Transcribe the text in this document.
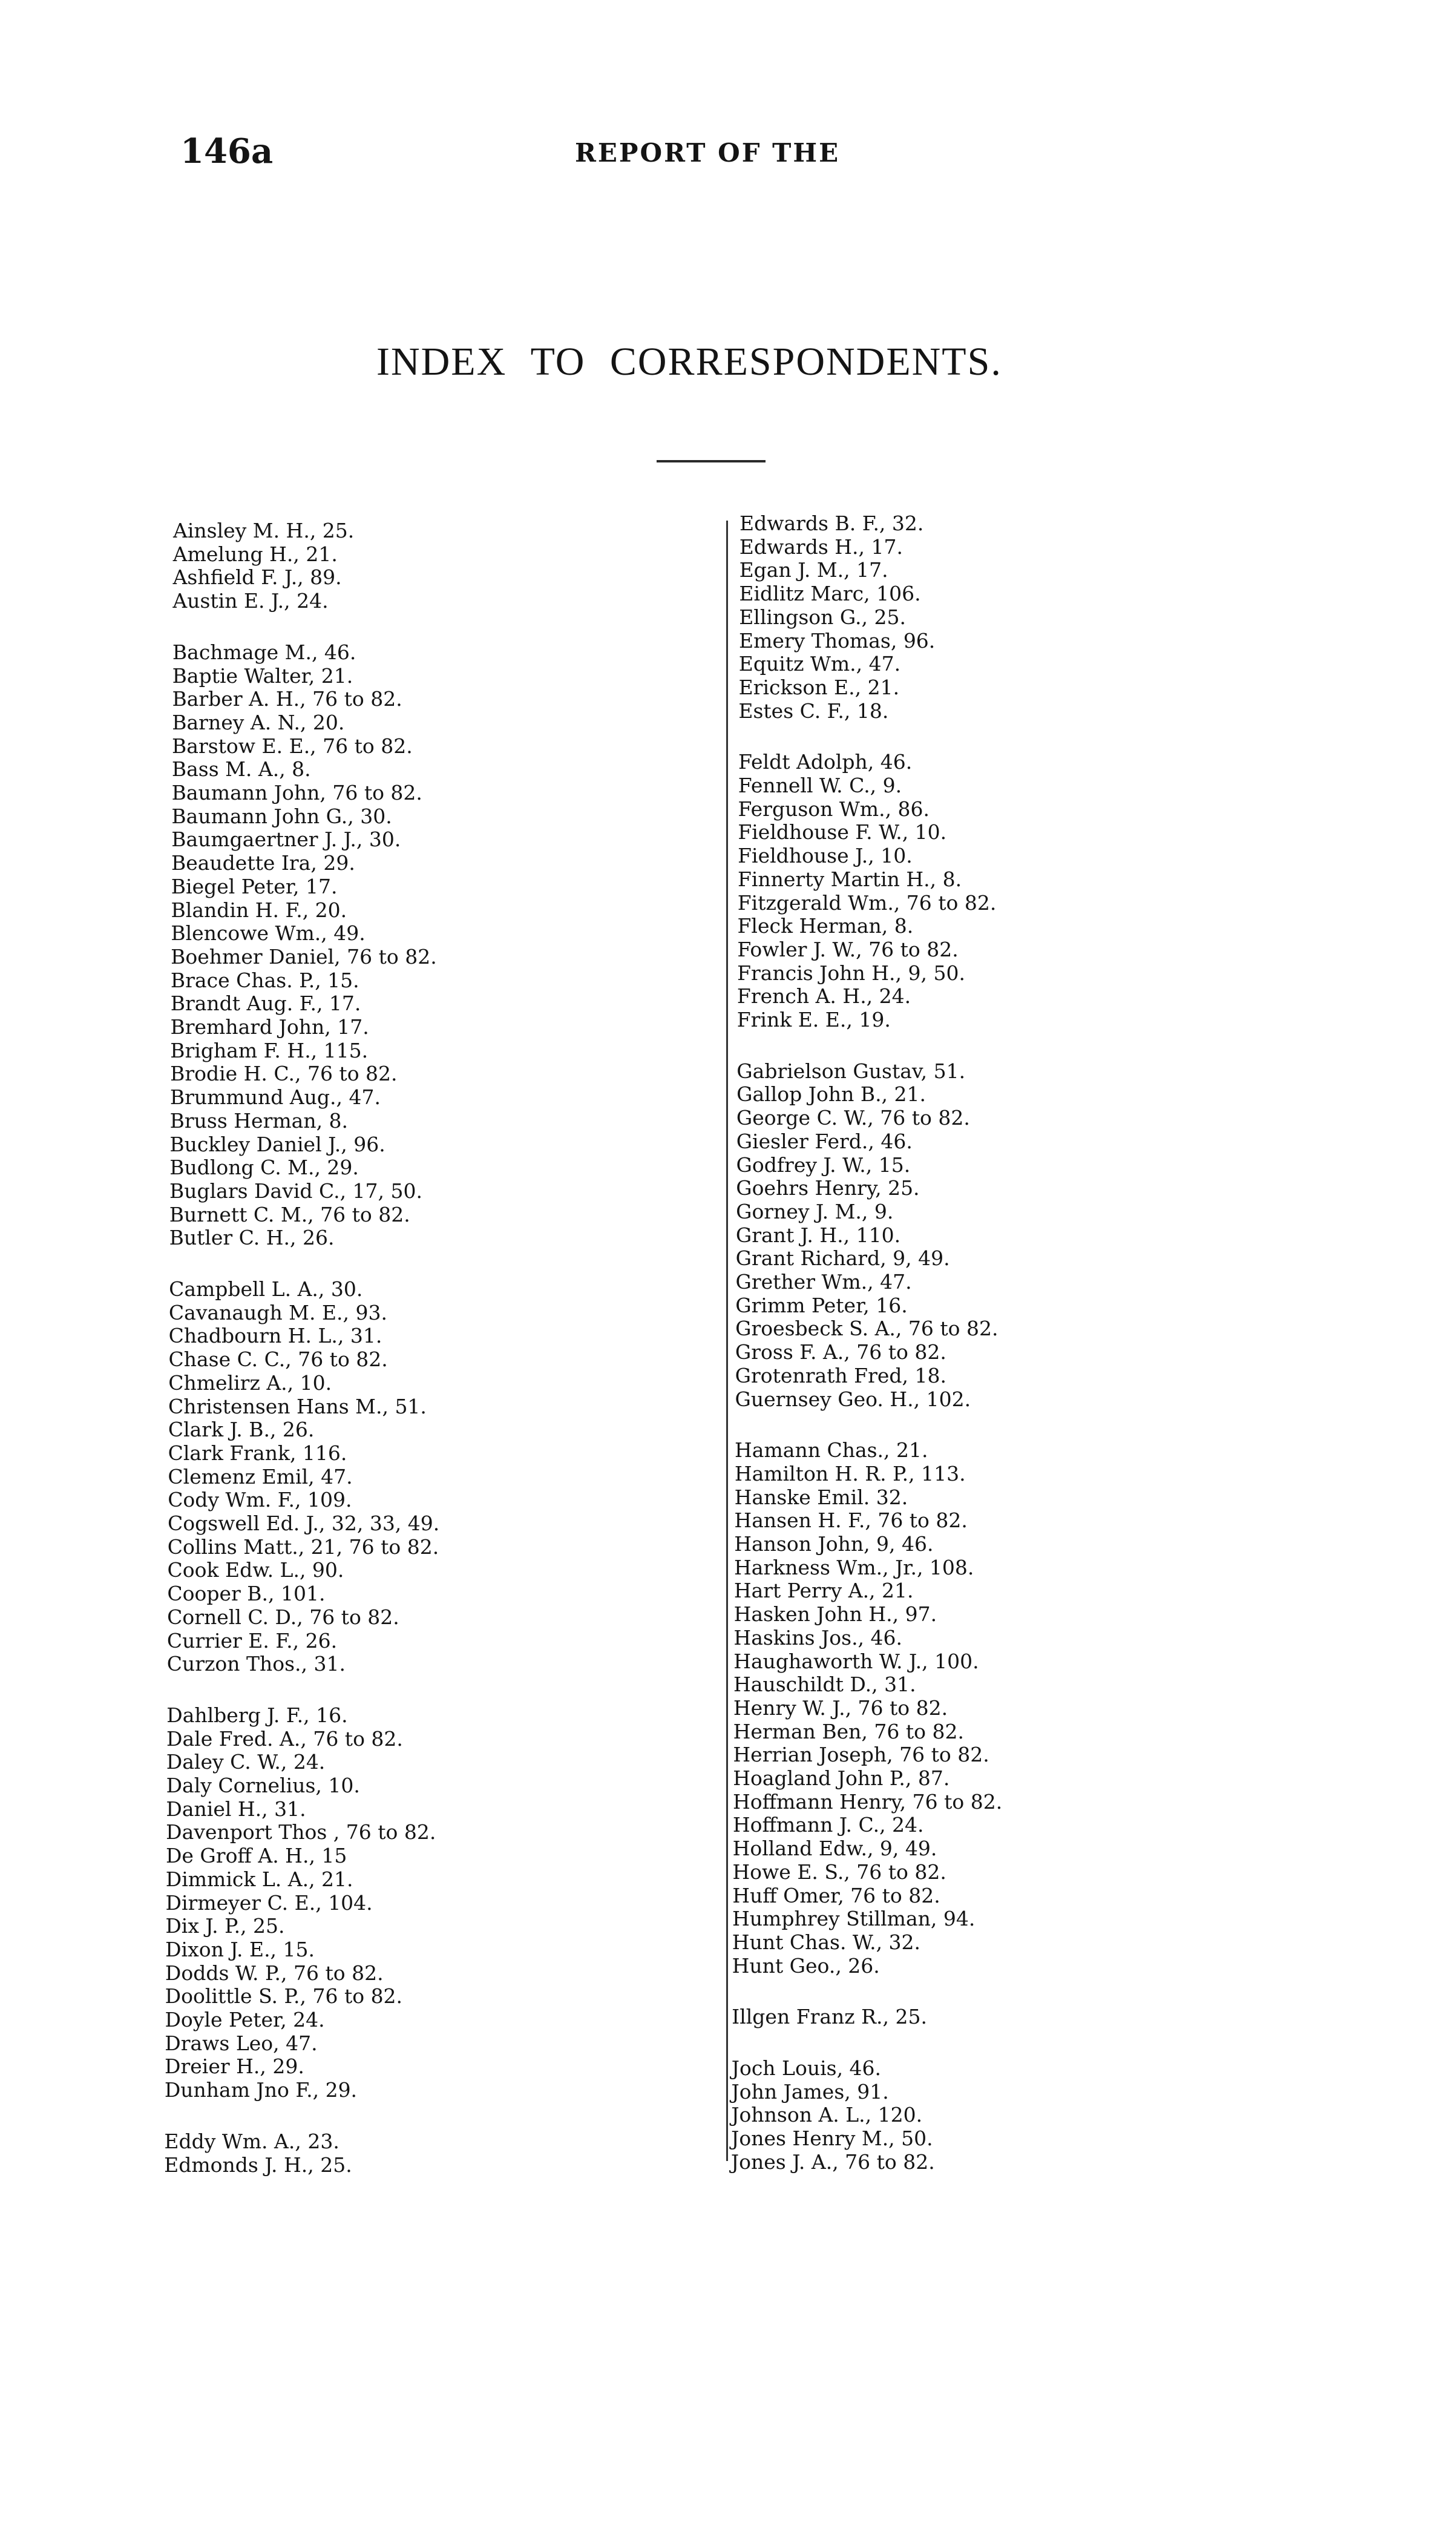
146a	REPORT OF THE
INDEX TO CORRESPONDENTS.
Ainsley M. H., 25.
Amelung H., 21.
Ashfield F. J., 89.
Austin E. J., 24.
Bachmage M., 46.
Baptie Walter, 21.
Barber A. H., 76 to 82.
Barney A. N., 20.
Barstow E. E., 76 to 82.
Bass M. A., 8.
Baumann John, 76 to 82.
Baumann John G., 30.
Baumgaertner J. J., 30.
Beaudette Ira, 29.
Biegel Peter, 17.
Blandin H. F., 20.
Blencowe Wm., 49.
Boehmer Daniel, 76 to 82.
Brace Chas. P., 15.
Brandt Aug. F., 17.
Bremhard John, 17.
Brigham F. H., 115.
Brodie H. C., 76 to 82.
Brummund Aug., 47.
Bruss Herman, 8.
Buckley Daniel J., 96.
Budlong C. M., 29.
Buglars David C., 17, 50.
Burnett C. M., 76 to 82.
Butler C. H., 26.
Campbell L. A., 30.
Cavanaugh M. E., 93.
Chadbourn H. L., 31.
Chase C. C., 76 to 82.
Chmelirz A., 10.
Christensen Hans M., 51.
Clark J. B., 26.
Clark Frank, 116.
Clemenz Emil, 47.
Cody Wm. F., 109.
Cogswell Ed. J., 32, 33, 49.
Collins Matt., 21, 76 to 82.
Cook Edw. L., 90.
Cooper B., 101.
Cornell C. D., 76 to 82.
Currier E. F., 26.
Curzon Thos., 31.
Dahlberg J. F., 16.
Dale Fred. A., 76 to 82.
Daley C. W., 24.
Daly Cornelius, 10.
Daniel H., 31.
Davenport Thos , 76 to 82.
De Groff A. H., 15
Dimmick L. A., 21.
Dirmeyer C. E., 104.
Dix J. P., 25.
Dixon J. E., 15.
Dodds W. P., 76 to 82.
Doolittle S. P., 76 to 82.
Doyle Peter, 24.
Draws Leo, 47.
Dreier H., 29.
Dunham Jno F., 29.
Eddy Wm. A., 23.
Edmonds J. H., 25.
Edwards B. F., 32.
Edwards H., 17.
Egan J. M., 17.
Eidlitz Marc, 106.
Ellingson G., 25.
Emery Thomas, 96.
Equitz Wm., 47.
Erickson E., 21.
Estes C. F., 18.
Feldt Adolph, 46.
Fennell W. C., 9.
Ferguson Wm., 86.
Fieldhouse F. W., 10.
Fieldhouse J., 10.
Finnerty Martin H., 8.
Fitzgerald Wm., 76 to 82.
Fleck Herman, 8.
Fowler J. W., 76 to 82.
Francis John H., 9, 50.
French A. H., 24.
Frink E. E., 19.
Gabrielson Gustav, 51.
Gallop John B., 21.
George C. W., 76 to 82.
Giesler Ferd., 46.
Godfrey J. W., 15.
Goehrs Henry, 25.
Gorney J. M., 9.
Grant J. H., 110.
Grant Richard, 9, 49.
Grether Wm., 47.
Grimm Peter, 16.
Groesbeck S. A., 76 to 82.
Gross F. A., 76 to 82.
Grotenrath Fred, 18.
Guernsey Geo. H., 102.
Hamann Chas., 21.
Hamilton H. R. P., 113.
Hanske Emil. 32.
Hansen H. F., 76 to 82.
Hanson John, 9, 46.
Harkness Wm., Jr., 108.
Hart Perry A., 21.
Hasken John H., 97.
Haskins Jos., 46.
Haughaworth W. J., 100.
Hauschildt D., 31.
Henry W. J., 76 to 82.
Herman Ben, 76 to 82.
Herrian Joseph, 76 to 82.
Hoagland John P., 87.
Hoffmann Henry, 76 to 82.
Hoffmann J. C., 24.
Holland Edw., 9, 49.
Howe E. S., 76 to 82.
Huff Omer, 76 to 82.
Humphrey Stillman, 94.
Hunt Chas. W., 32.
Hunt Geo., 26.
Illgen Franz R., 25.
Joch Louis, 46.
John James, 91.
Johnson A. L., 120.
Jones Henry M., 50.
Jones J. A., 76 to 82.
